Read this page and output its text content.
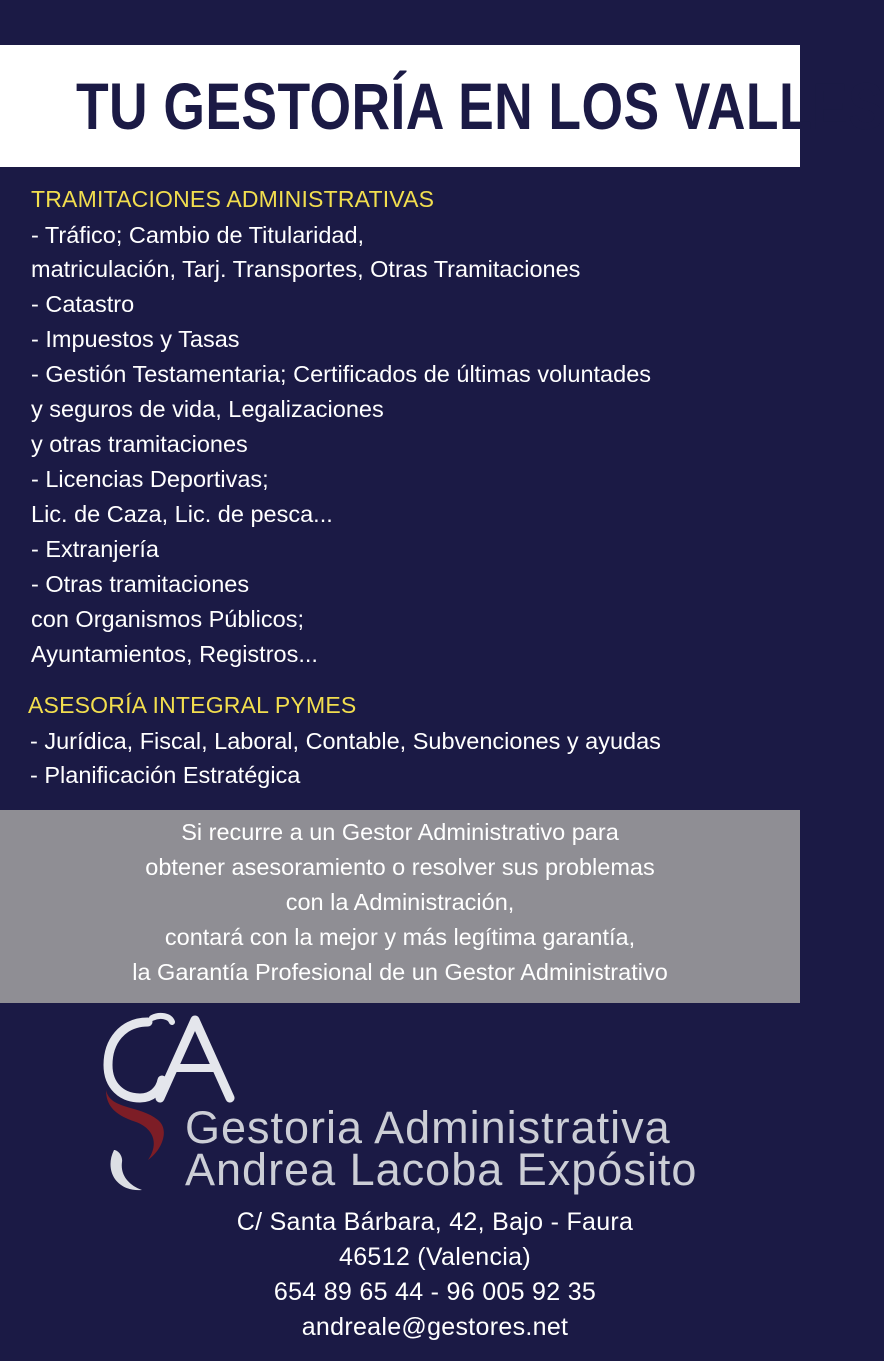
TU GESTORÍA EN LOS VALLES
TRAMITACIONES ADMINISTRATIVAS
- Tráfico; Cambio de Titularidad,
matriculación, Tarj. Transportes, Otras Tramitaciones
- Catastro
- Impuestos y Tasas
- Gestión Testamentaria; Certificados de últimas voluntades
y seguros de vida, Legalizaciones
y otras tramitaciones
- Licencias Deportivas;
Lic. de Caza, Lic. de pesca...
- Extranjería
- Otras tramitaciones
con Organismos Públicos;
Ayuntamientos, Registros...
ASESORÍA INTEGRAL PYMES
- Jurídica, Fiscal, Laboral, Contable, Subvenciones y ayudas
- Planificación Estratégica
Si recurre a un Gestor Administrativo para
obtener asesoramiento o resolver sus problemas
con la Administración,
contará con la mejor y más legítima garantía,
la Garantía Profesional de un Gestor Administrativo
Gestoria Administrativa
Andrea Lacoba Expósito
C/ Santa Bárbara, 42, Bajo - Faura
46512 (Valencia)
654 89 65 44 - 96 005 92 35
andreale@gestores.net
